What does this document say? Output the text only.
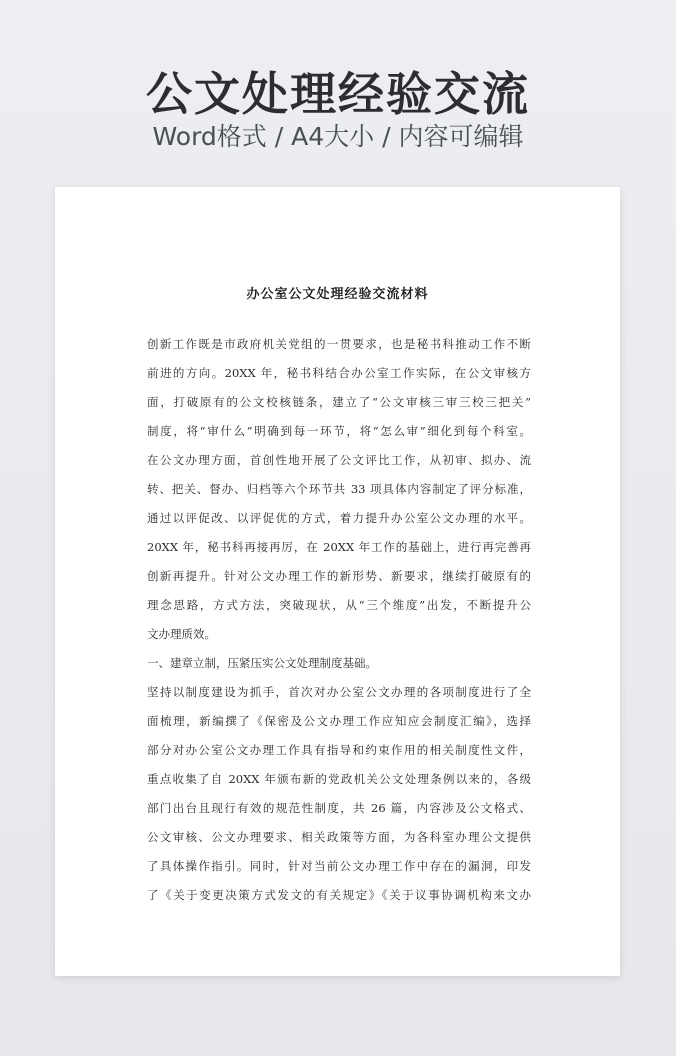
公文处理经验交流

Word格式 / A4大小 / 内容可编辑

办公室公文处理经验交流材料
创新工作既是市政府机关党组的一贯要求，也是秘书科推动工作不断
前进的方向。20XX 年，秘书科结合办公室工作实际，在公文审核方
面，打破原有的公文校核链条，建立了“公文审核三审三校三把关”
制度，将“审什么”明确到每一环节，将“怎么审”细化到每个科室。
在公文办理方面，首创性地开展了公文评比工作，从初审、拟办、流
转、把关、督办、归档等六个环节共 33 项具体内容制定了评分标准，
通过以评促改、以评促优的方式，着力提升办公室公文办理的水平。
20XX 年，秘书科再接再厉，在 20XX 年工作的基础上，进行再完善再
创新再提升。针对公文办理工作的新形势、新要求，继续打破原有的
理念思路，方式方法，突破现状，从“三个维度”出发，不断提升公
文办理质效。
一、建章立制，压紧压实公文处理制度基础。
坚持以制度建设为抓手，首次对办公室公文办理的各项制度进行了全
面梳理，新编撰了《保密及公文办理工作应知应会制度汇编》，选择
部分对办公室公文办理工作具有指导和约束作用的相关制度性文件，
重点收集了自 20XX 年颁布新的党政机关公文处理条例以来的，各级
部门出台且现行有效的规范性制度，共 26 篇，内容涉及公文格式、
公文审核、公文办理要求、相关政策等方面，为各科室办理公文提供
了具体操作指引。同时，针对当前公文办理工作中存在的漏洞，印发
了《关于变更决策方式发文的有关规定》《关于议事协调机构来文办
